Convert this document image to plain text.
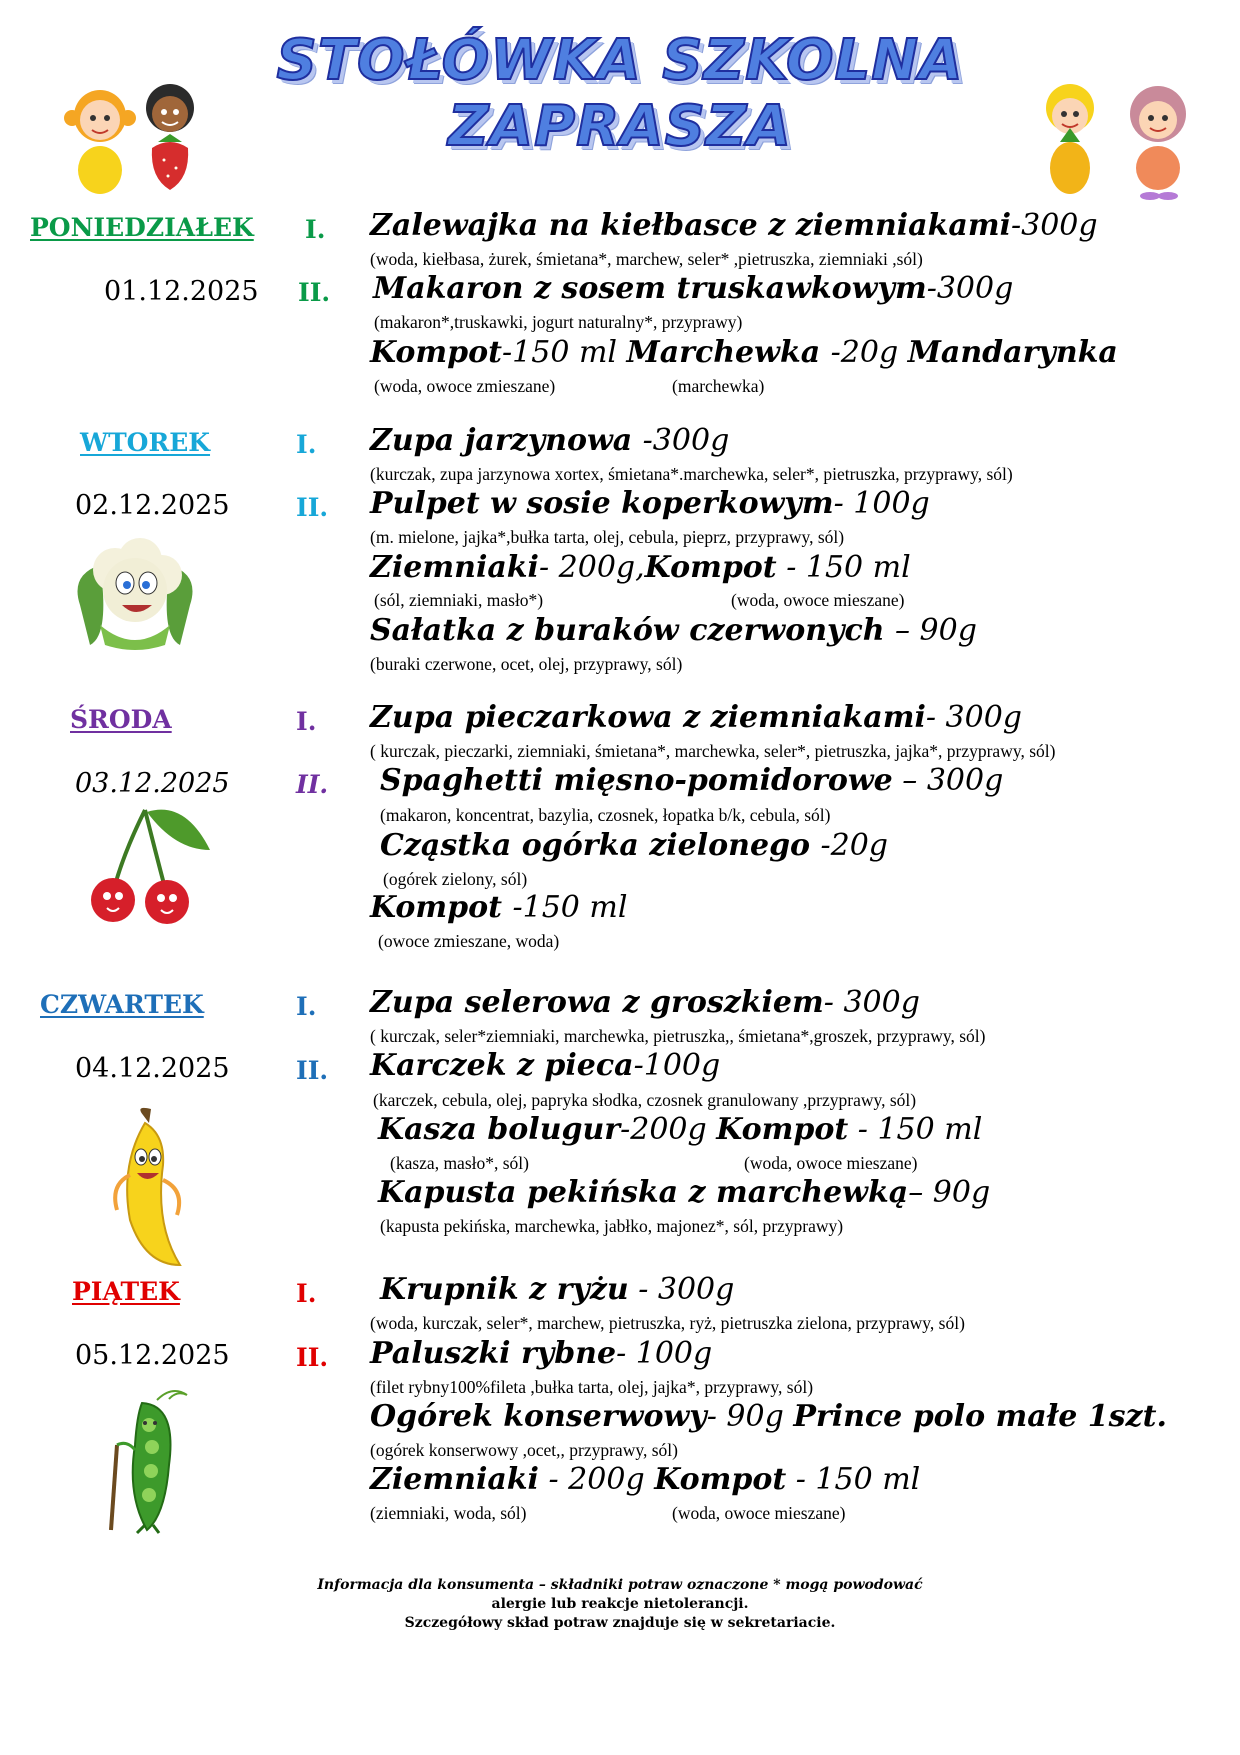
STOŁÓWKA SZKOLNA
ZAPRASZA
PONIEDZIAŁEK
01.12.2025
I.
II.
Zalewajka na kiełbasce z ziemniakami-300g
(woda, kiełbasa, żurek, śmietana*, marchew, seler* ,pietruszka, ziemniaki ,sól)
Makaron z sosem truskawkowym-300g
(makaron*,truskawki, jogurt naturalny*, przyprawy)
Kompot-150 ml Marchewka -20g Mandarynka
(woda, owoce zmieszane)	(marchewka)
WTOREK
02.12.2025
I.
II.
Zupa jarzynowa -300g
(kurczak, zupa jarzynowa xortex, śmietana*.marchewka, seler*, pietruszka, przyprawy, sól)
Pulpet w sosie koperkowym- 100g
(m. mielone, jajka*,bułka tarta, olej, cebula, pieprz, przyprawy, sól)
Ziemniaki- 200g,Kompot - 150 ml
(sól, ziemniaki, masło*)	(woda, owoce mieszane)
Sałatka z buraków czerwonych – 90g
(buraki czerwone, ocet, olej, przyprawy, sól)
ŚRODA
03.12.2025
I.
II.
Zupa pieczarkowa z ziemniakami- 300g
( kurczak, pieczarki, ziemniaki, śmietana*, marchewka, seler*, pietruszka, jajka*, przyprawy, sól)
Spaghetti mięsno-pomidorowe – 300g
(makaron, koncentrat, bazylia, czosnek, łopatka b/k, cebula, sól)
Cząstka ogórka zielonego -20g
(ogórek zielony, sól)
Kompot -150 ml
(owoce zmieszane, woda)
CZWARTEK
04.12.2025
I.
II.
Zupa selerowa z groszkiem- 300g
( kurczak, seler*ziemniaki, marchewka, pietruszka,, śmietana*,groszek, przyprawy, sól)
Karczek z pieca-100g
(karczek, cebula, olej, papryka słodka, czosnek granulowany ,przyprawy, sól)
Kasza bolugur-200g Kompot - 150 ml
(kasza, masło*, sól)	(woda, owoce mieszane)
Kapusta pekińska z marchewką– 90g
(kapusta pekińska, marchewka, jabłko, majonez*, sól, przyprawy)
PIĄTEK
05.12.2025
I.
II.
Krupnik z ryżu - 300g
(woda, kurczak, seler*, marchew, pietruszka, ryż, pietruszka zielona, przyprawy, sól)
Paluszki rybne- 100g
(filet rybny100%fileta ,bułka tarta, olej, jajka*, przyprawy, sól)
Ogórek konserwowy- 90g Prince polo małe 1szt.
(ogórek konserwowy ,ocet,, przyprawy, sól)
Ziemniaki - 200g Kompot - 150 ml
(ziemniaki, woda, sól)	(woda, owoce mieszane)
Informacja dla konsumenta – składniki potraw oznaczone * mogą powodować
alergie lub reakcje nietolerancji.
Szczegółowy skład potraw znajduje się w sekretariacie.
